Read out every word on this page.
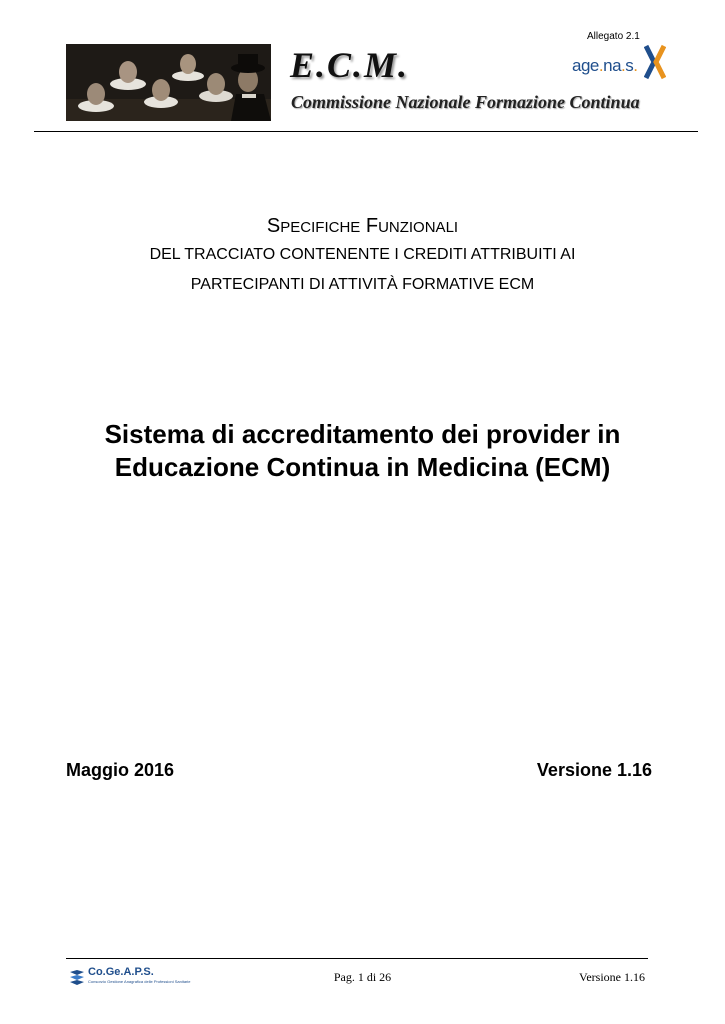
E.C.M.
Commissione Nazionale Formazione Continua
Allegato 2.1
age.na.s.
SPECIFICHE FUNZIONALI
DEL TRACCIATO CONTENENTE I CREDITI ATTRIBUITI AI
PARTECIPANTI DI ATTIVITÀ FORMATIVE ECM
Sistema di accreditamento dei provider in
Educazione Continua in Medicina (ECM)
Maggio 2016	Versione 1.16
Co.Ge.A.P.S.
Consorzio Gestione Anagrafica delle Professioni Sanitarie	Pag. 1 di 26	Versione 1.16
